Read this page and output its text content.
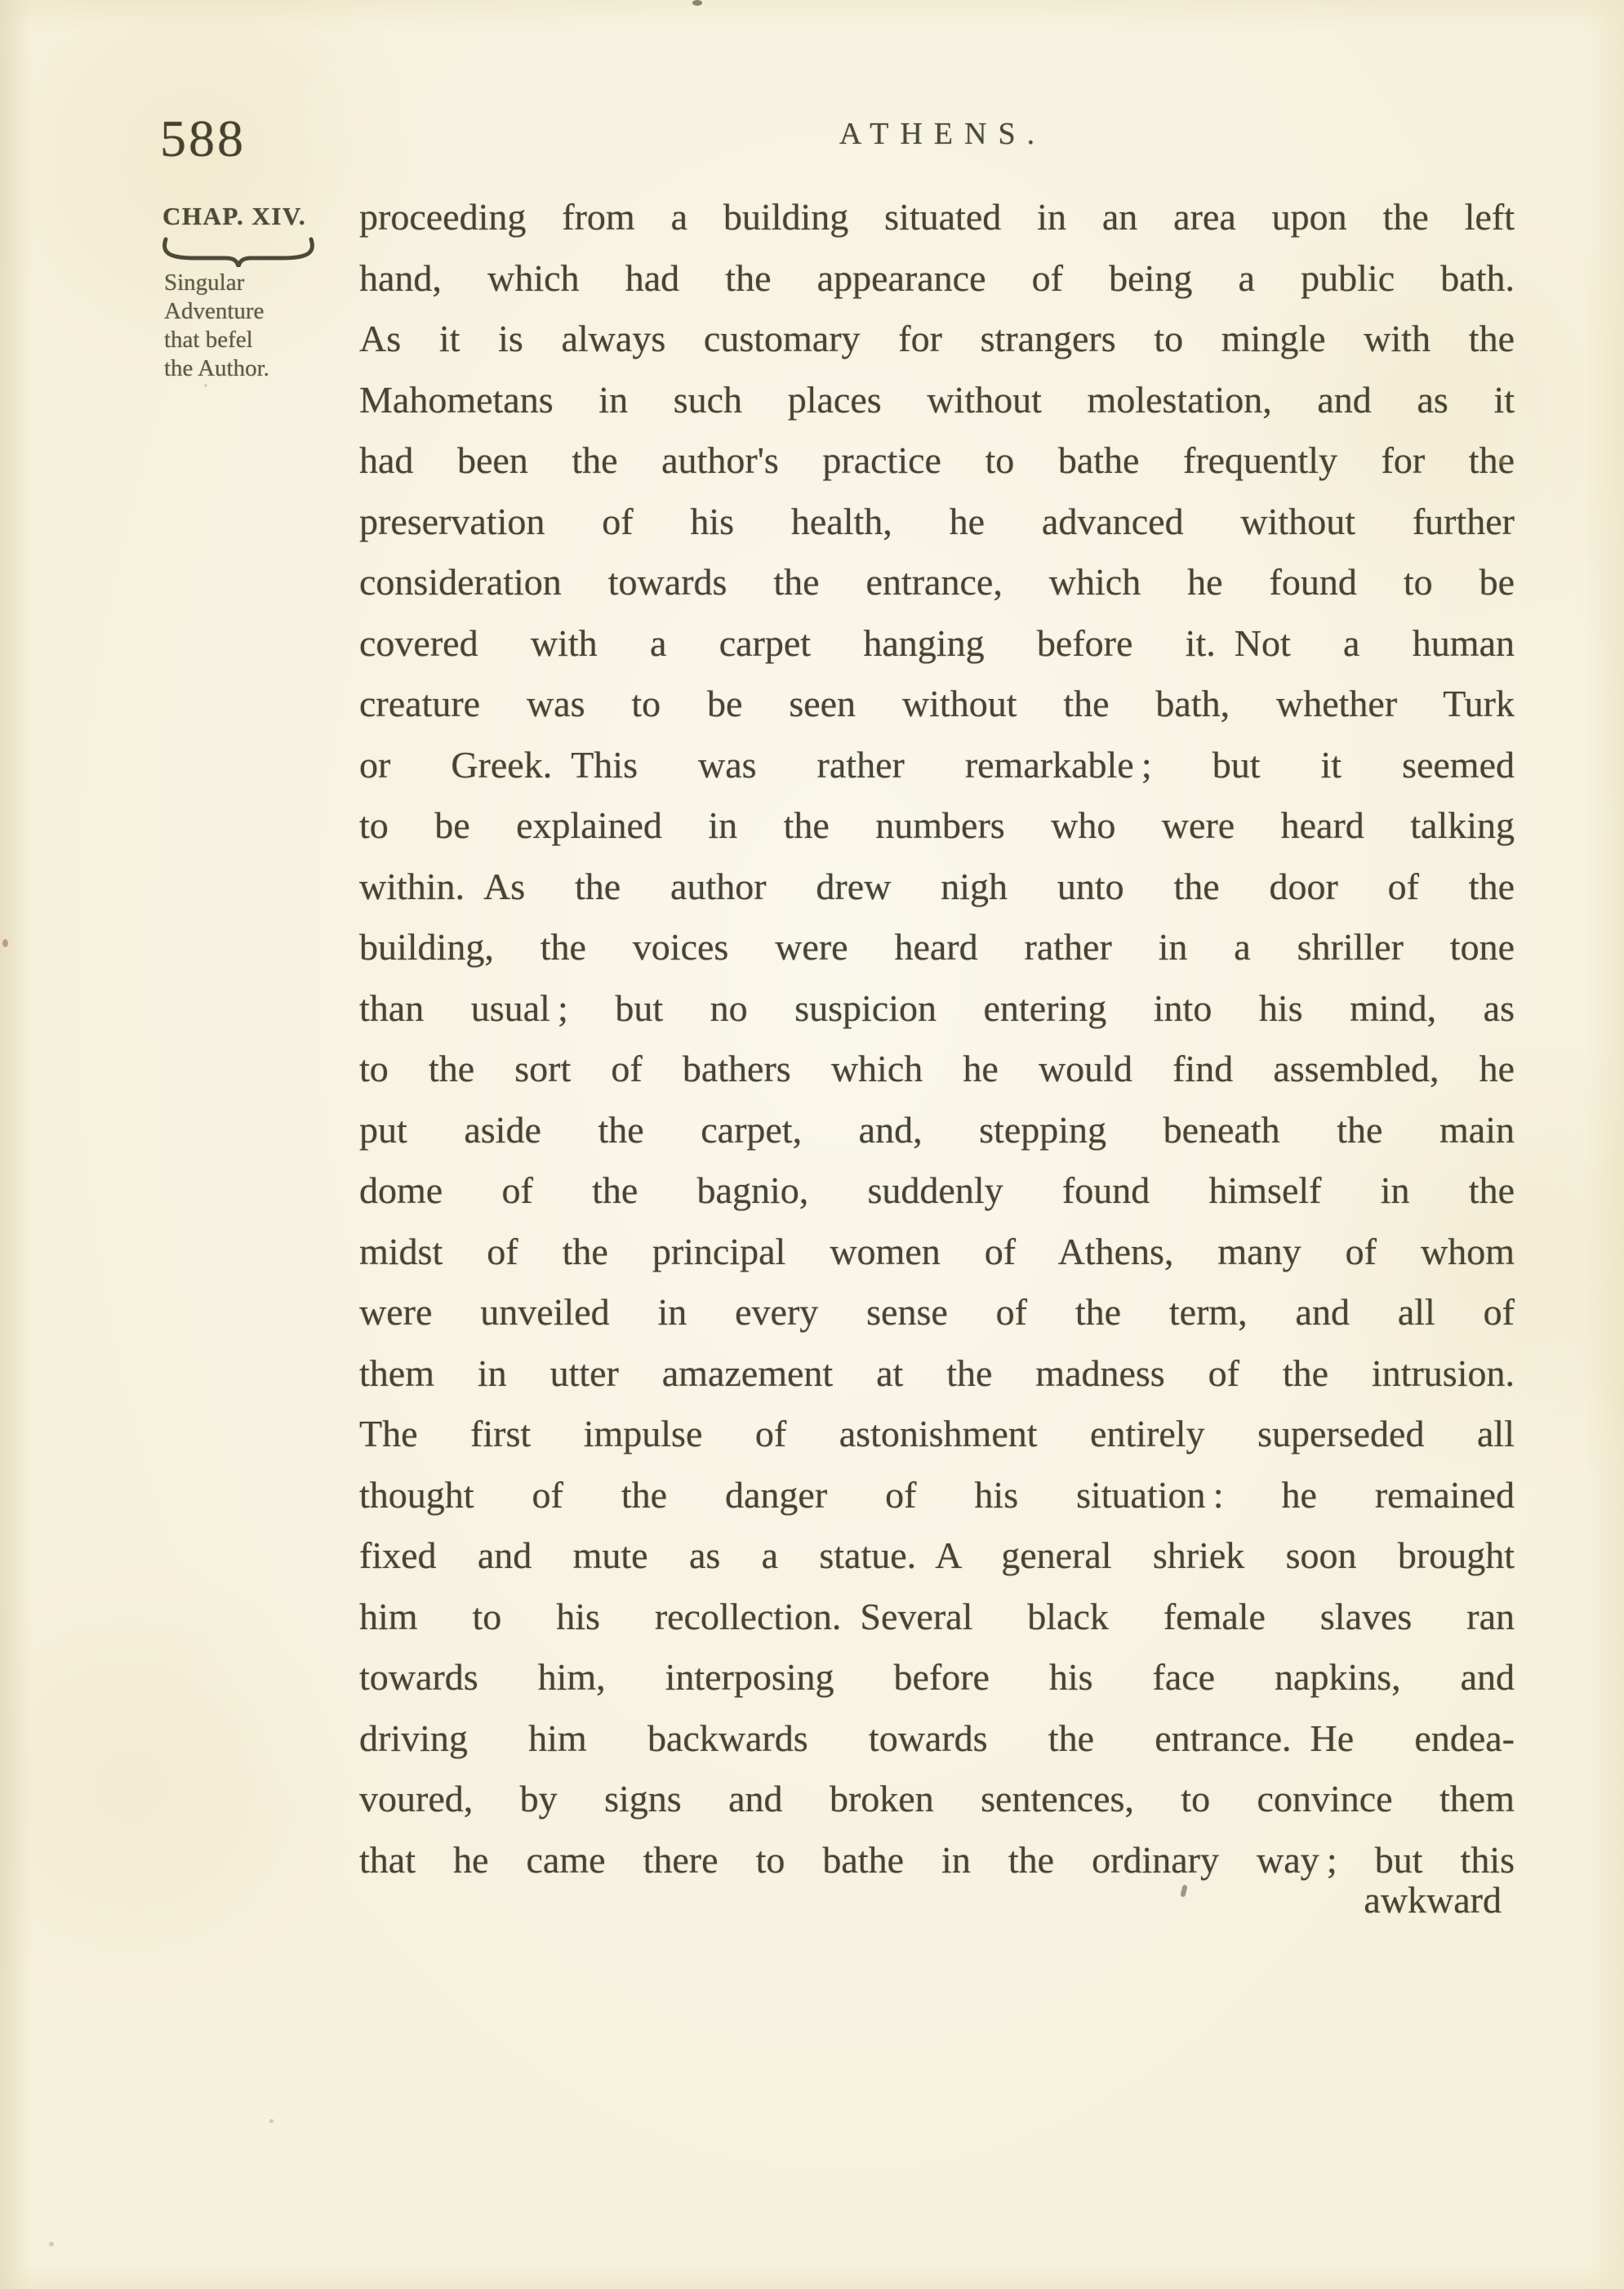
588	ATHENS.
CHAP. XIV.
Singular
Adventure
that befel
the Author.
proceeding from a building situated in an area upon the left
hand, which had the appearance of being a public bath.
As it is always customary for strangers to mingle with the
Mahometans in such places without molestation, and as it
had been the author's practice to bathe frequently for the
preservation of his health, he advanced without further
consideration towards the entrance, which he found to be
covered with a carpet hanging before it. Not a human
creature was to be seen without the bath, whether Turk
or Greek. This was rather remarkable ; but it seemed
to be explained in the numbers who were heard talking
within. As the author drew nigh unto the door of the
building, the voices were heard rather in a shriller tone
than usual ; but no suspicion entering into his mind, as
to the sort of bathers which he would find assembled, he
put aside the carpet, and, stepping beneath the main
dome of the bagnio, suddenly found himself in the
midst of the principal women of Athens, many of whom
were unveiled in every sense of the term, and all of
them in utter amazement at the madness of the intrusion.
The first impulse of astonishment entirely superseded all
thought of the danger of his situation : he remained
fixed and mute as a statue. A general shriek soon brought
him to his recollection. Several black female slaves ran
towards him, interposing before his face napkins, and
driving him backwards towards the entrance. He endea-
voured, by signs and broken sentences, to convince them
that he came there to bathe in the ordinary way ; but this
awkward
